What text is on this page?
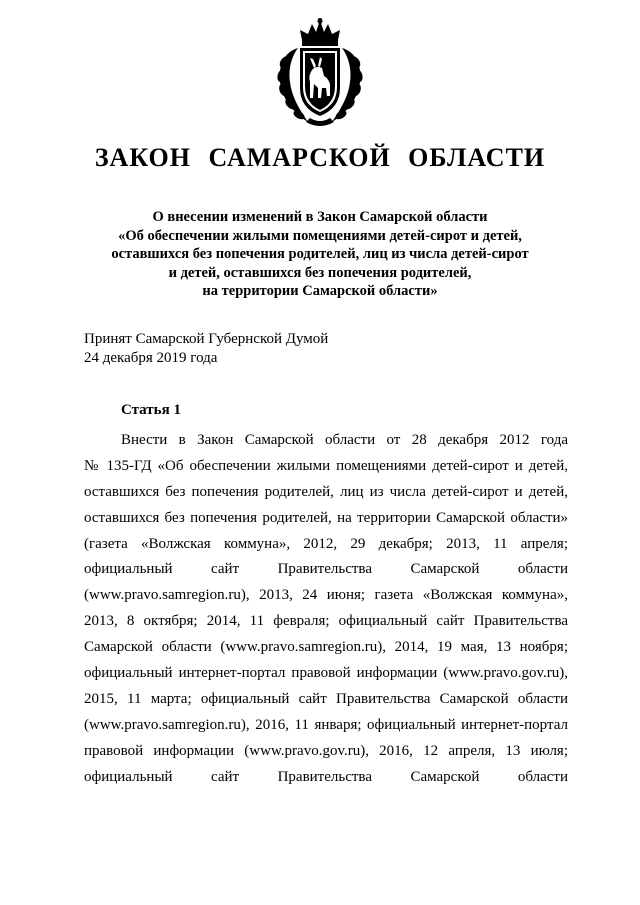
ЗАКОН САМАРСКОЙ ОБЛАСТИ
О внесении изменений в Закон Самарской области
«Об обеспечении жилыми помещениями детей-сирот и детей,
оставшихся без попечения родителей, лиц из числа детей-сирот
и детей, оставшихся без попечения родителей,
на территории Самарской области»
Принят Самарской Губернской Думой
24 декабря 2019 года
Статья 1
Внести в Закон Самарской области от 28 декабря 2012 года
№ 135-ГД «Об обеспечении жилыми помещениями детей-сирот и детей,
оставшихся без попечения родителей, лиц из числа детей-сирот и детей,
оставшихся без попечения родителей, на территории Самарской области»
(газета «Волжская коммуна», 2012, 29 декабря; 2013, 11 апреля;
официальный сайт Правительства Самарской области
(www.pravo.samregion.ru), 2013, 24 июня; газета «Волжская коммуна»,
2013, 8 октября; 2014, 11 февраля; официальный сайт Правительства
Самарской области (www.pravo.samregion.ru), 2014, 19 мая, 13 ноября;
официальный интернет-портал правовой информации (www.pravo.gov.ru),
2015, 11 марта; официальный сайт Правительства Самарской области
(www.pravo.samregion.ru), 2016, 11 января; официальный интернет-портал
правовой информации (www.pravo.gov.ru), 2016, 12 апреля, 13 июля;
официальный сайт Правительства Самарской области
